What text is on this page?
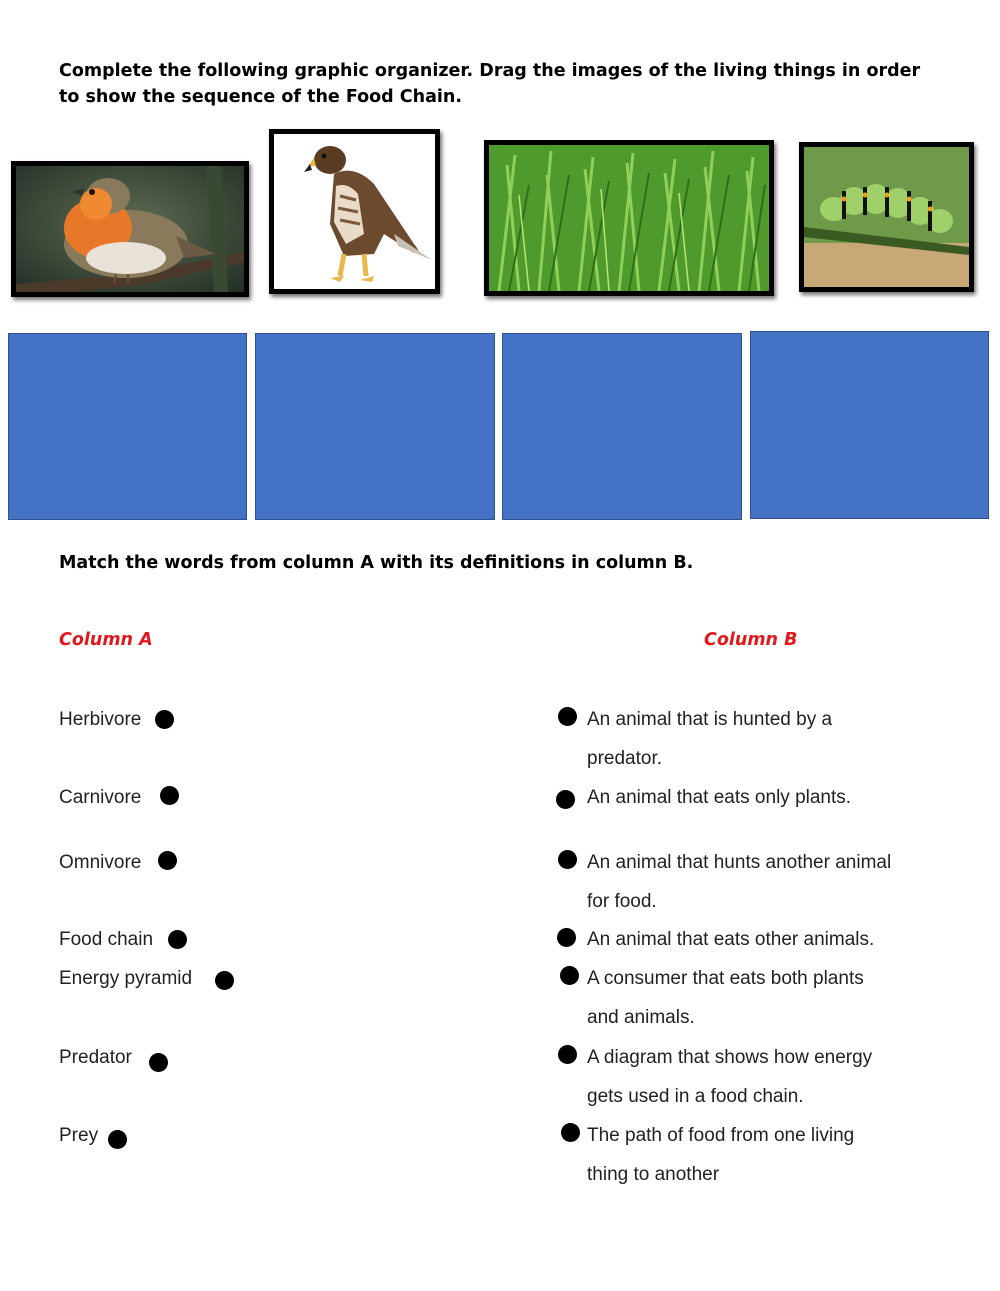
Complete the following graphic organizer. Drag the images of the living things in order to show the sequence of the Food Chain.

Match the words from column A with its definitions in column B.

Column A	Column B
Herbivore
Carnivore
Omnivore
Food chain
Energy pyramid
Predator
Prey
An animal that is hunted by a
predator.
An animal that eats only plants.
An animal that hunts another animal
for food.
An animal that eats other animals.
A consumer that eats both plants
and animals.
A diagram that shows how energy
gets used in a food chain.
The path of food from one living
thing to another
